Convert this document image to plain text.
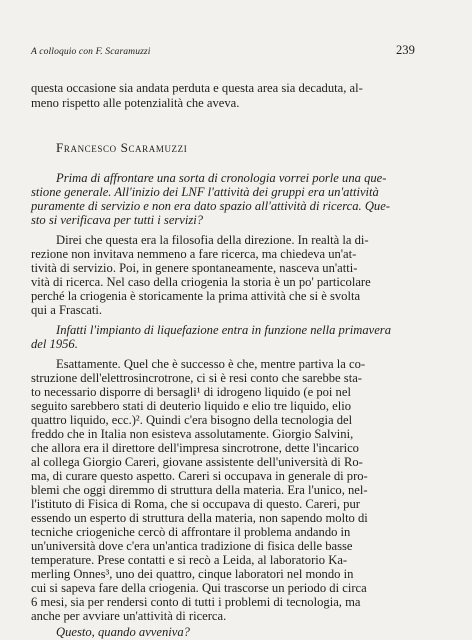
A colloquio con F. Scaramuzzi	239
Francesco Scaramuzzi
questa occasione sia andata perduta e questa area sia decaduta, al-
meno rispetto alle potenzialità che aveva.
Prima di affrontare una sorta di cronologia vorrei porle una que-
stione generale. All'inizio dei LNF l'attività dei gruppi era un'attività
puramente di servizio e non era dato spazio all'attività di ricerca. Que-
sto si verificava per tutti i servizi?
Direi che questa era la filosofia della direzione. In realtà la di-
rezione non invitava nemmeno a fare ricerca, ma chiedeva un'at-
tività di servizio. Poi, in genere spontaneamente, nasceva un'atti-
vità di ricerca. Nel caso della criogenia la storia è un po' particolare
perché la criogenia è storicamente la prima attività che si è svolta
qui a Frascati.
Infatti l'impianto di liquefazione entra in funzione nella primavera
del 1956.
Esattamente. Quel che è successo è che, mentre partiva la co-
struzione dell'elettrosincrotrone, ci si è resi conto che sarebbe sta-
to necessario disporre di bersagli¹ di idrogeno liquido (e poi nel
seguito sarebbero stati di deuterio liquido e elio tre liquido, elio
quattro liquido, ecc.)². Quindi c'era bisogno della tecnologia del
freddo che in Italia non esisteva assolutamente. Giorgio Salvini,
che allora era il direttore dell'impresa sincrotrone, dette l'incarico
al collega Giorgio Careri, giovane assistente dell'università di Ro-
ma, di curare questo aspetto. Careri si occupava in generale di pro-
blemi che oggi diremmo di struttura della materia. Era l'unico, nel-
l'istituto di Fisica di Roma, che si occupava di questo. Careri, pur
essendo un esperto di struttura della materia, non sapendo molto di
tecniche criogeniche cercò di affrontare il problema andando in
un'università dove c'era un'antica tradizione di fisica delle basse
temperature. Prese contatti e si recò a Leida, al laboratorio Ka-
merling Onnes³, uno dei quattro, cinque laboratori nel mondo in
cui si sapeva fare della criogenia. Qui trascorse un periodo di circa
6 mesi, sia per rendersi conto di tutti i problemi di tecnologia, ma
anche per avviare un'attività di ricerca.
Questo, quando avveniva?
